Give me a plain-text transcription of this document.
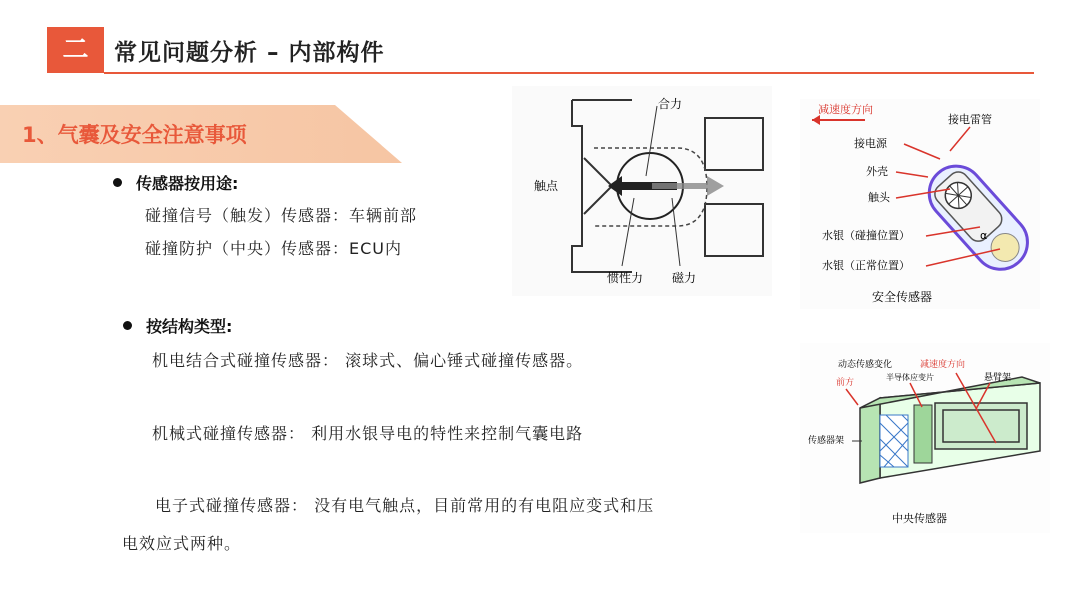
二	常见问题分析 – 内部构件
1、气囊及安全注意事项
传感器按用途:
碰撞信号（触发）传感器：车辆前部
碰撞防护（中央）传感器：ECU内
按结构类型:
机电结合式碰撞传感器： 滚球式、偏心锤式碰撞传感器。
机械式碰撞传感器： 利用水银导电的特性来控制气囊电路
电子式碰撞传感器： 没有电气触点，目前常用的有电阻应变式和压
电效应式两种。
合力
触点
惯性力 磁力
减速度方向
接电雷管
接电源
外壳
触头
水银（碰撞位置）
水银（正常位置）
α
安全传感器
动态传感变化	减速度方向
前方
半导体应变片	悬臂架
传感器架
中央传感器
